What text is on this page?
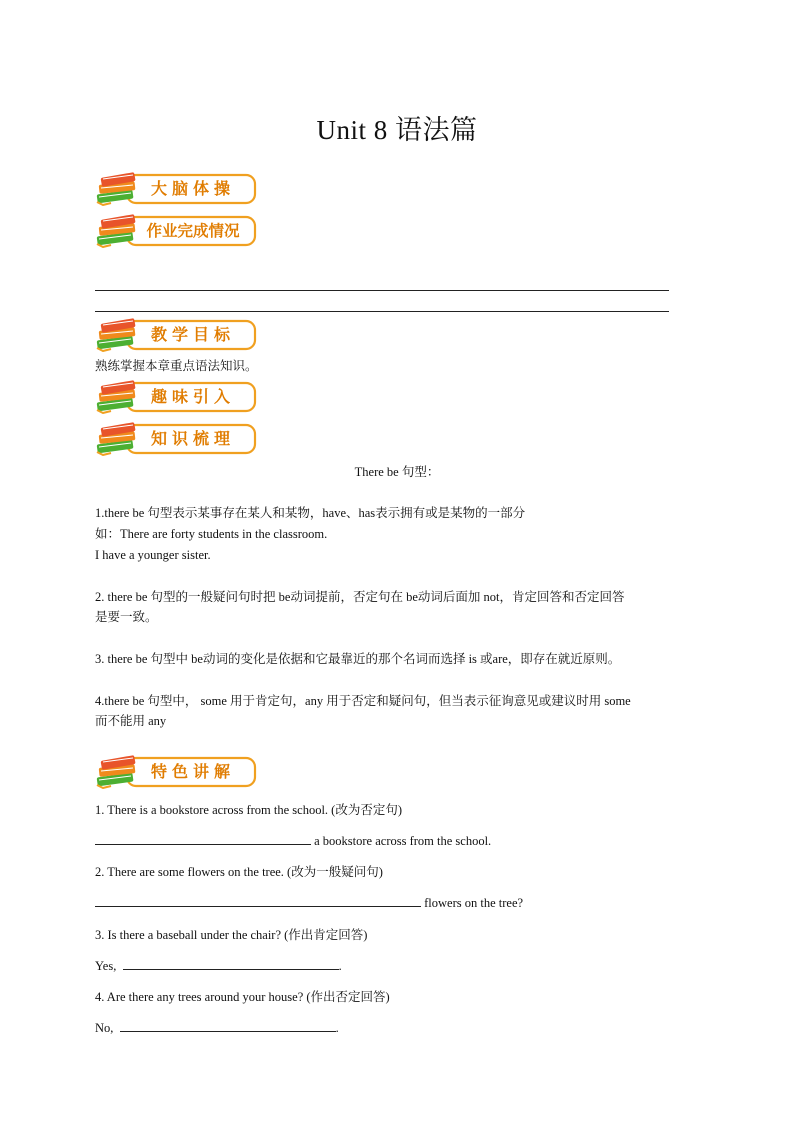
Unit 8 语法篇
大脑体操
作业完成情况
教学目标
熟练掌握本章重点语法知识。
趣味引入
知识梳理
There be 句型：
1.there be 句型表示某事存在某人和某物，have、has表示拥有或是某物的一部分
如：There are forty students in the classroom.
I have a younger sister.
2. there be 句型的一般疑问句时把 be动词提前，否定句在 be动词后面加 not，肯定回答和否定回答
是要一致。
3. there be 句型中 be动词的变化是依据和它最靠近的那个名词而选择 is 或are，即存在就近原则。
4.there be 句型中， some 用于肯定句，any 用于否定和疑问句，但当表示征询意见或建议时用 some
而不能用 any
特色讲解
1. There is a bookstore across from the school. (改为否定句)
a bookstore across from the school.
2. There are some flowers on the tree. (改为一般疑问句)
flowers on the tree?
3. Is there a baseball under the chair? (作出肯定回答)
Yes,	.
4. Are there any trees around your house? (作出否定回答)
No,	.
